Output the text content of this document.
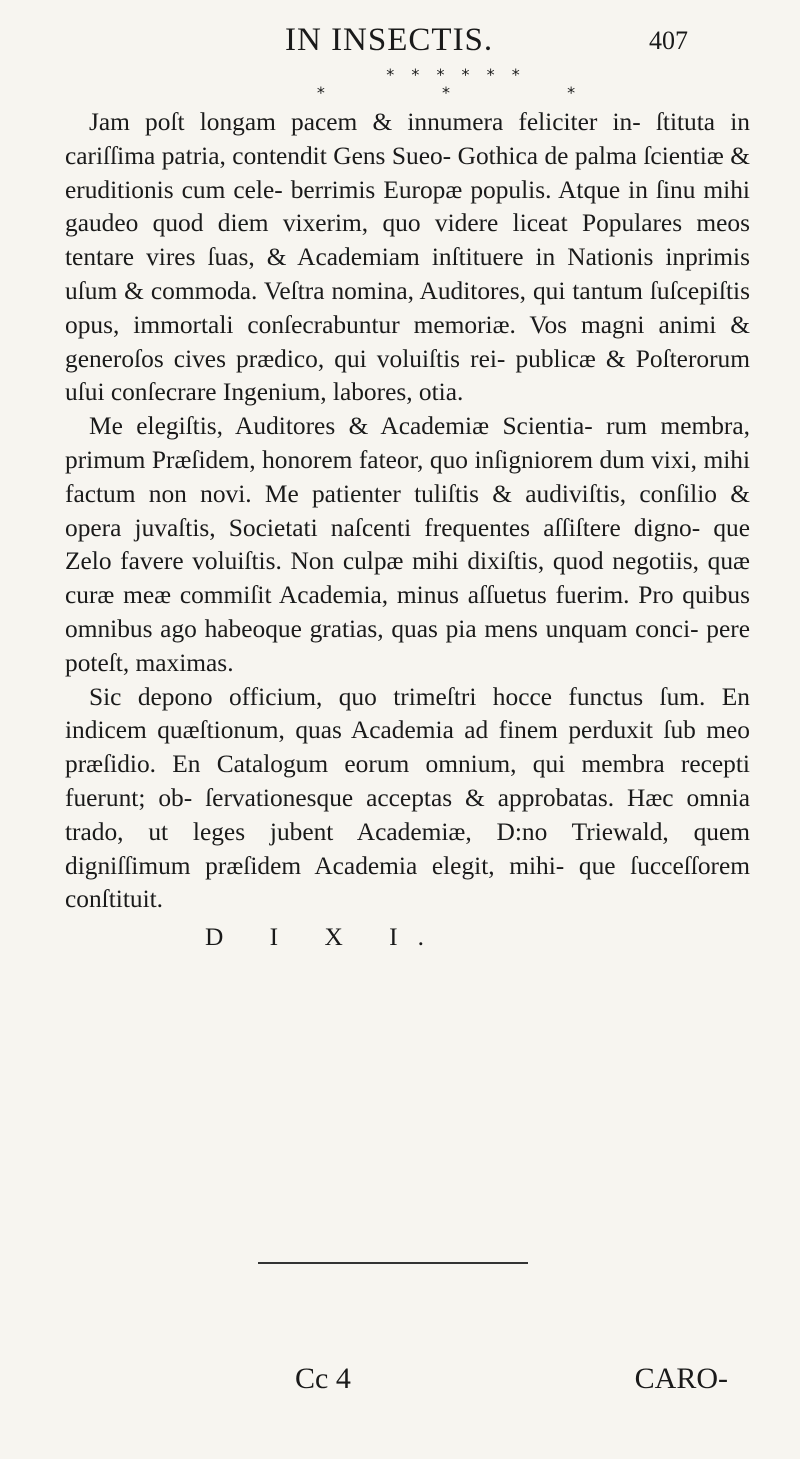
IN INSECTIS.	407
* * * * * *
* * *

Jam poſt longam pacem & innumera feliciter in- ſtituta in cariſſima patria, contendit Gens Sueo- Gothica de palma ſcientiæ & eruditionis cum cele- berrimis Europæ populis. Atque in ſinu mihi gaudeo quod diem vixerim, quo videre liceat Populares meos tentare vires ſuas, & Academiam inſtituere in Nationis inprimis uſum & commoda. Veſtra nomina, Auditores, qui tantum ſuſcepiſtis opus, immortali conſecrabuntur memoriæ. Vos magni animi & generoſos cives prædico, qui voluiſtis rei- publicæ & Poſterorum uſui conſecrare Ingenium, labores, otia.

Me elegiſtis, Auditores & Academiæ Scientia- rum membra, primum Præſidem, honorem fateor, quo inſigniorem dum vixi, mihi factum non novi. Me patienter tuliſtis & audiviſtis, conſilio & opera juvaſtis, Societati naſcenti frequentes aſſiſtere digno- que Zelo favere voluiſtis. Non culpæ mihi dixiſtis, quod negotiis, quæ curæ meæ commiſit Academia, minus aſſuetus fuerim. Pro quibus omnibus ago habeoque gratias, quas pia mens unquam conci- pere poteſt, maximas.

Sic depono officium, quo trimeſtri hocce functus ſum. En indicem quæſtionum, quas Academia ad finem perduxit ſub meo præſidio. En Catalogum eorum omnium, qui membra recepti fuerunt; ob- ſervationesque acceptas & approbatas. Hæc omnia trado, ut leges jubent Academiæ, D:no Triewald, quem digniſſimum præſidem Academia elegit, mihi- que ſucceſſorem conſtituit.

D I X I.

Cc 4	CARO-
